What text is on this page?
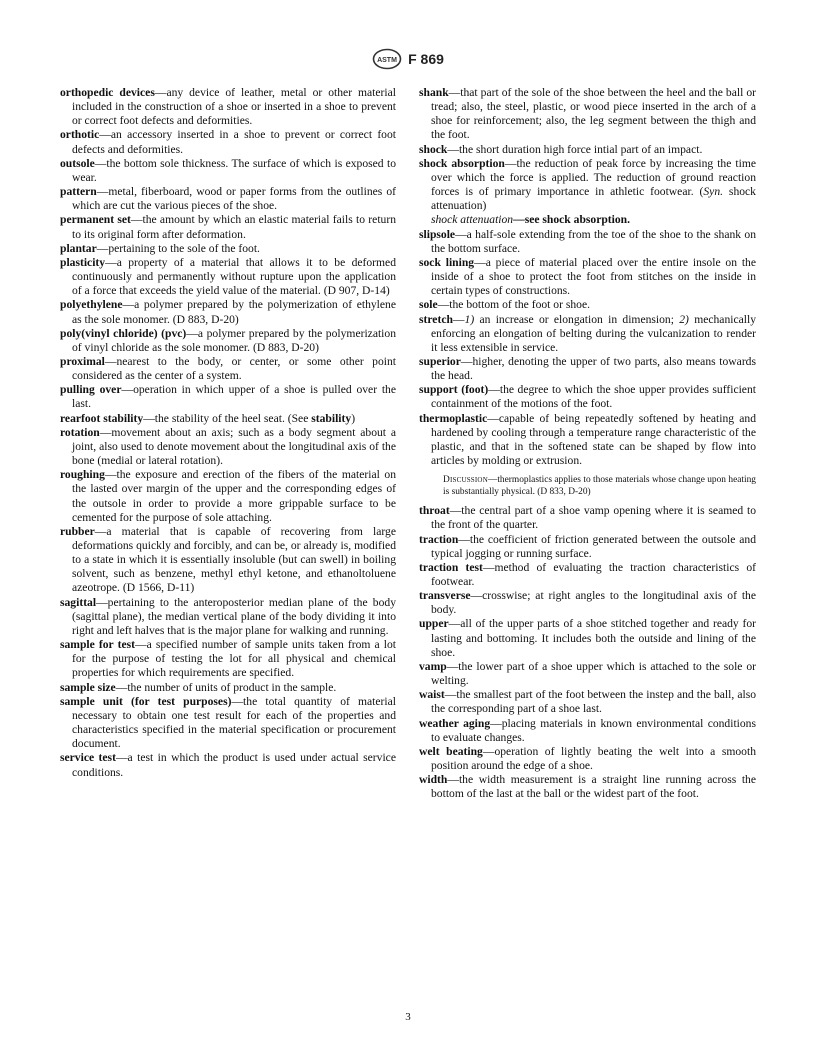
ASTM F 869

orthopedic devices—any device of leather, metal or other material included in the construction of a shoe or inserted in a shoe to prevent or correct foot defects and deformities.

orthotic—an accessory inserted in a shoe to prevent or correct foot defects and deformities.

outsole—the bottom sole thickness. The surface of which is exposed to wear.

pattern—metal, fiberboard, wood or paper forms from the outlines of which are cut the various pieces of the shoe.

permanent set—the amount by which an elastic material fails to return to its original form after deformation.

plantar—pertaining to the sole of the foot.

plasticity—a property of a material that allows it to be deformed continuously and permanently without rupture upon the application of a force that exceeds the yield value of the material. (D 907, D-14)

polyethylene—a polymer prepared by the polymerization of ethylene as the sole monomer. (D 883, D-20)

poly(vinyl chloride) (pvc)—a polymer prepared by the polymerization of vinyl chloride as the sole monomer. (D 883, D-20)

proximal—nearest to the body, or center, or some other point considered as the center of a system.

pulling over—operation in which upper of a shoe is pulled over the last.

rearfoot stability—the stability of the heel seat. (See stability)

rotation—movement about an axis; such as a body segment about a joint, also used to denote movement about the longitudinal axis of the bone (medial or lateral rotation).

roughing—the exposure and erection of the fibers of the material on the lasted over margin of the upper and the corresponding edges of the outsole in order to provide a more grippable surface to be cemented for the purpose of sole attaching.

rubber—a material that is capable of recovering from large deformations quickly and forcibly, and can be, or already is, modified to a state in which it is essentially insoluble (but can swell) in boiling solvent, such as benzene, methyl ethyl ketone, and ethanoltoluene azeotrope. (D 1566, D-11)

sagittal—pertaining to the anteroposterior median plane of the body (sagittal plane), the median vertical plane of the body dividing it into right and left halves that is the major plane for walking and running.

sample for test—a specified number of sample units taken from a lot for the purpose of testing the lot for all physical and chemical properties for which requirements are specified.

sample size—the number of units of product in the sample.

sample unit (for test purposes)—the total quantity of material necessary to obtain one test result for each of the properties and characteristics specified in the material specification or procurement document.

service test—a test in which the product is used under actual service conditions.

shank—that part of the sole of the shoe between the heel and the ball or tread; also, the steel, plastic, or wood piece inserted in the arch of a shoe for reinforcement; also, the leg segment between the thigh and the foot.

shock—the short duration high force intial part of an impact.

shock absorption—the reduction of peak force by increasing the time over which the force is applied. The reduction of ground reaction forces is of primary importance in athletic footwear. (Syn. shock attenuation)

shock attenuation—see shock absorption.

slipsole—a half-sole extending from the toe of the shoe to the shank on the bottom surface.

sock lining—a piece of material placed over the entire insole on the inside of a shoe to protect the foot from stitches on the inside in certain types of constructions.

sole—the bottom of the foot or shoe.

stretch—1) an increase or elongation in dimension; 2) mechanically enforcing an elongation of belting during the vulcanization to render it less extensible in service.

superior—higher, denoting the upper of two parts, also means towards the head.

support (foot)—the degree to which the shoe upper provides sufficient containment of the motions of the foot.

thermoplastic—capable of being repeatedly softened by heating and hardened by cooling through a temperature range characteristic of the plastic, and that in the softened state can be shaped by flow into articles by molding or extrusion.

Discussion—thermoplastics applies to those materials whose change upon heating is substantially physical. (D 833, D-20)

throat—the central part of a shoe vamp opening where it is seamed to the front of the quarter.

traction—the coefficient of friction generated between the outsole and typical jogging or running surface.

traction test—method of evaluating the traction characteristics of footwear.

transverse—crosswise; at right angles to the longitudinal axis of the body.

upper—all of the upper parts of a shoe stitched together and ready for lasting and bottoming. It includes both the outside and lining of the shoe.

vamp—the lower part of a shoe upper which is attached to the sole or welting.

waist—the smallest part of the foot between the instep and the ball, also the corresponding part of a shoe last.

weather aging—placing materials in known environmental conditions to evaluate changes.

welt beating—operation of lightly beating the welt into a smooth position around the edge of a shoe.

width—the width measurement is a straight line running across the bottom of the last at the ball or the widest part of the foot.

3
